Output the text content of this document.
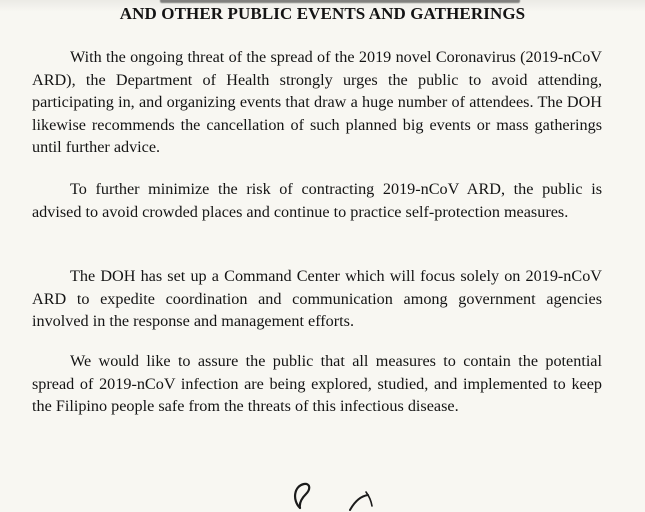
AND OTHER PUBLIC EVENTS AND GATHERINGS

With the ongoing threat of the spread of the 2019 novel Coronavirus (2019-nCoV ARD), the Department of Health strongly urges the public to avoid attending, participating in, and organizing events that draw a huge number of attendees. The DOH likewise recommends the cancellation of such planned big events or mass gatherings until further advice.

To further minimize the risk of contracting 2019-nCoV ARD, the public is advised to avoid crowded places and continue to practice self-protection measures.

The DOH has set up a Command Center which will focus solely on 2019-nCoV ARD to expedite coordination and communication among government agencies involved in the response and management efforts.

We would like to assure the public that all measures to contain the potential spread of 2019-nCoV infection are being explored, studied, and implemented to keep the Filipino people safe from the threats of this infectious disease.
